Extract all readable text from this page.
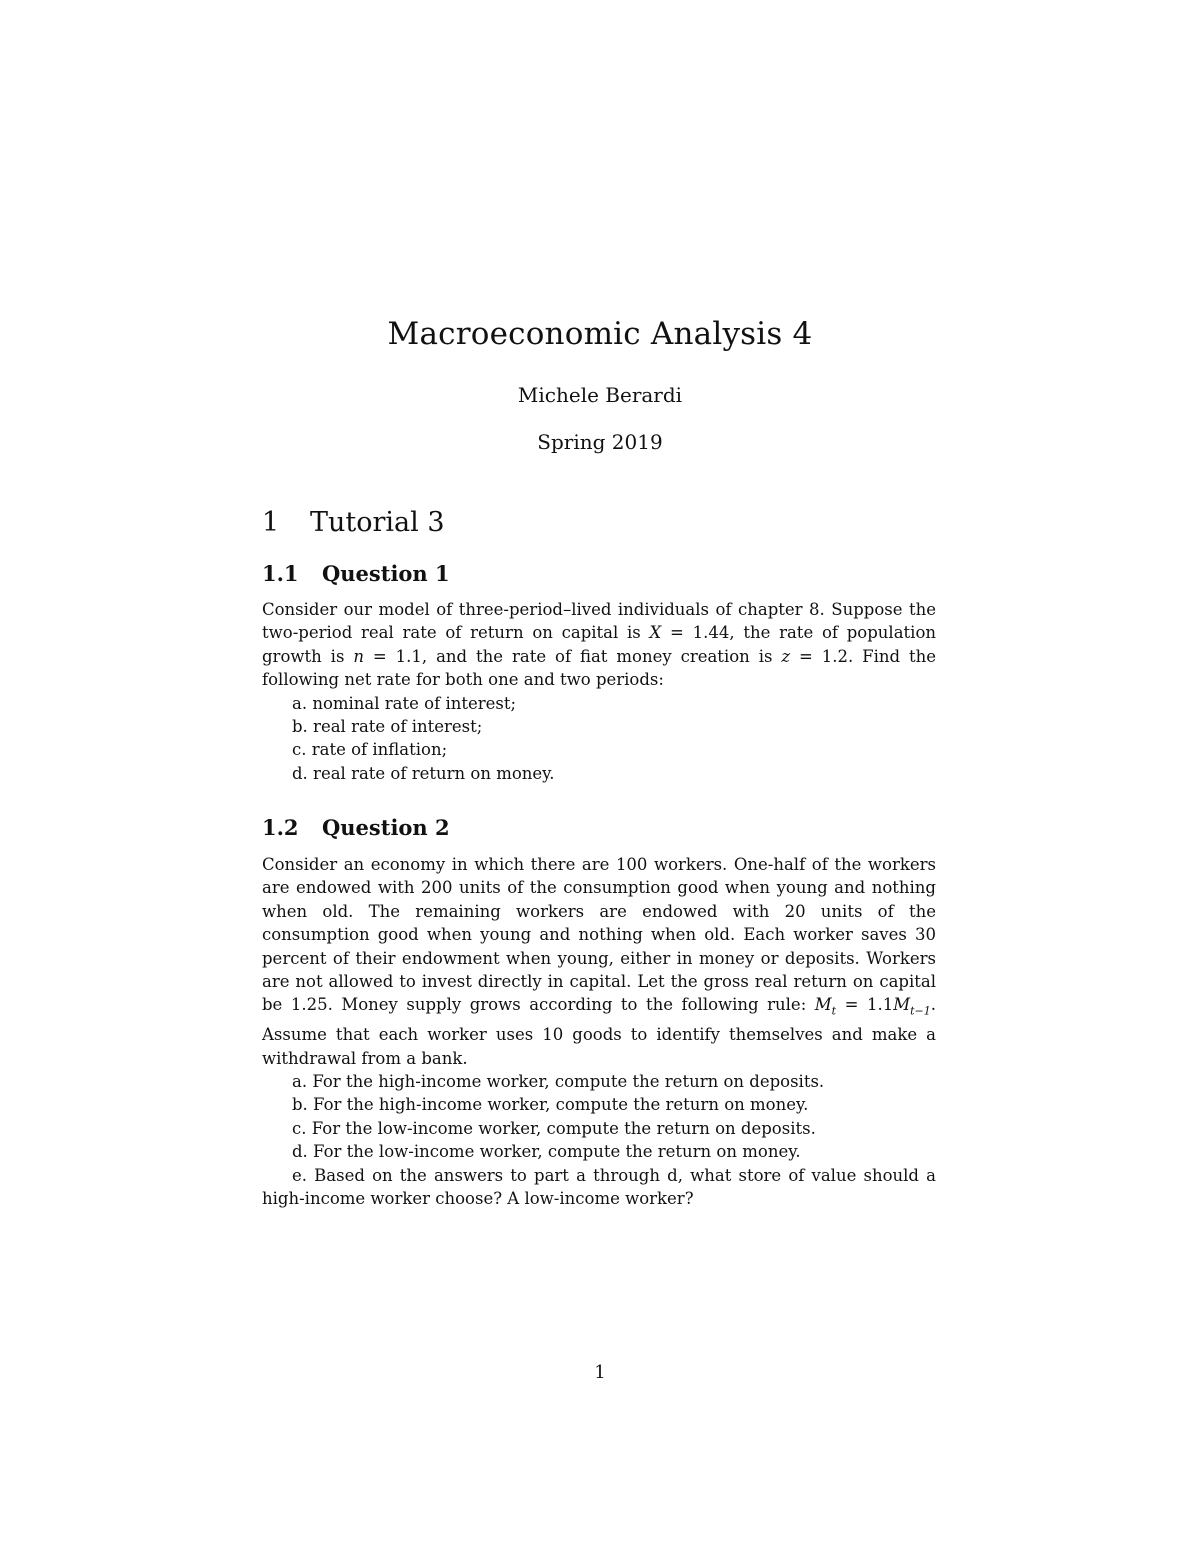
Macroeconomic Analysis 4
Michele Berardi
Spring 2019
1 Tutorial 3
1.1 Question 1

Consider our model of three-period–lived individuals of chapter 8. Suppose the two-period real rate of return on capital is X = 1.44, the rate of population growth is n = 1.1, and the rate of fiat money creation is z = 1.2. Find the following net rate for both one and two periods:

a. nominal rate of interest;
b. real rate of interest;
c. rate of inflation;
d. real rate of return on money.
1.2 Question 2

Consider an economy in which there are 100 workers. One-half of the workers are endowed with 200 units of the consumption good when young and nothing when old. The remaining workers are endowed with 20 units of the consumption good when young and nothing when old. Each worker saves 30 percent of their endowment when young, either in money or deposits. Workers are not allowed to invest directly in capital. Let the gross real return on capital be 1.25. Money supply grows according to the following rule: $M_t = 1.1M_{t-1}$. Assume that each worker uses 10 goods to identify themselves and make a withdrawal from a bank.

a. For the high-income worker, compute the return on deposits.
b. For the high-income worker, compute the return on money.
c. For the low-income worker, compute the return on deposits.
d. For the low-income worker, compute the return on money.

e. Based on the answers to part a through d, what store of value should a high-income worker choose? A low-income worker?

1
